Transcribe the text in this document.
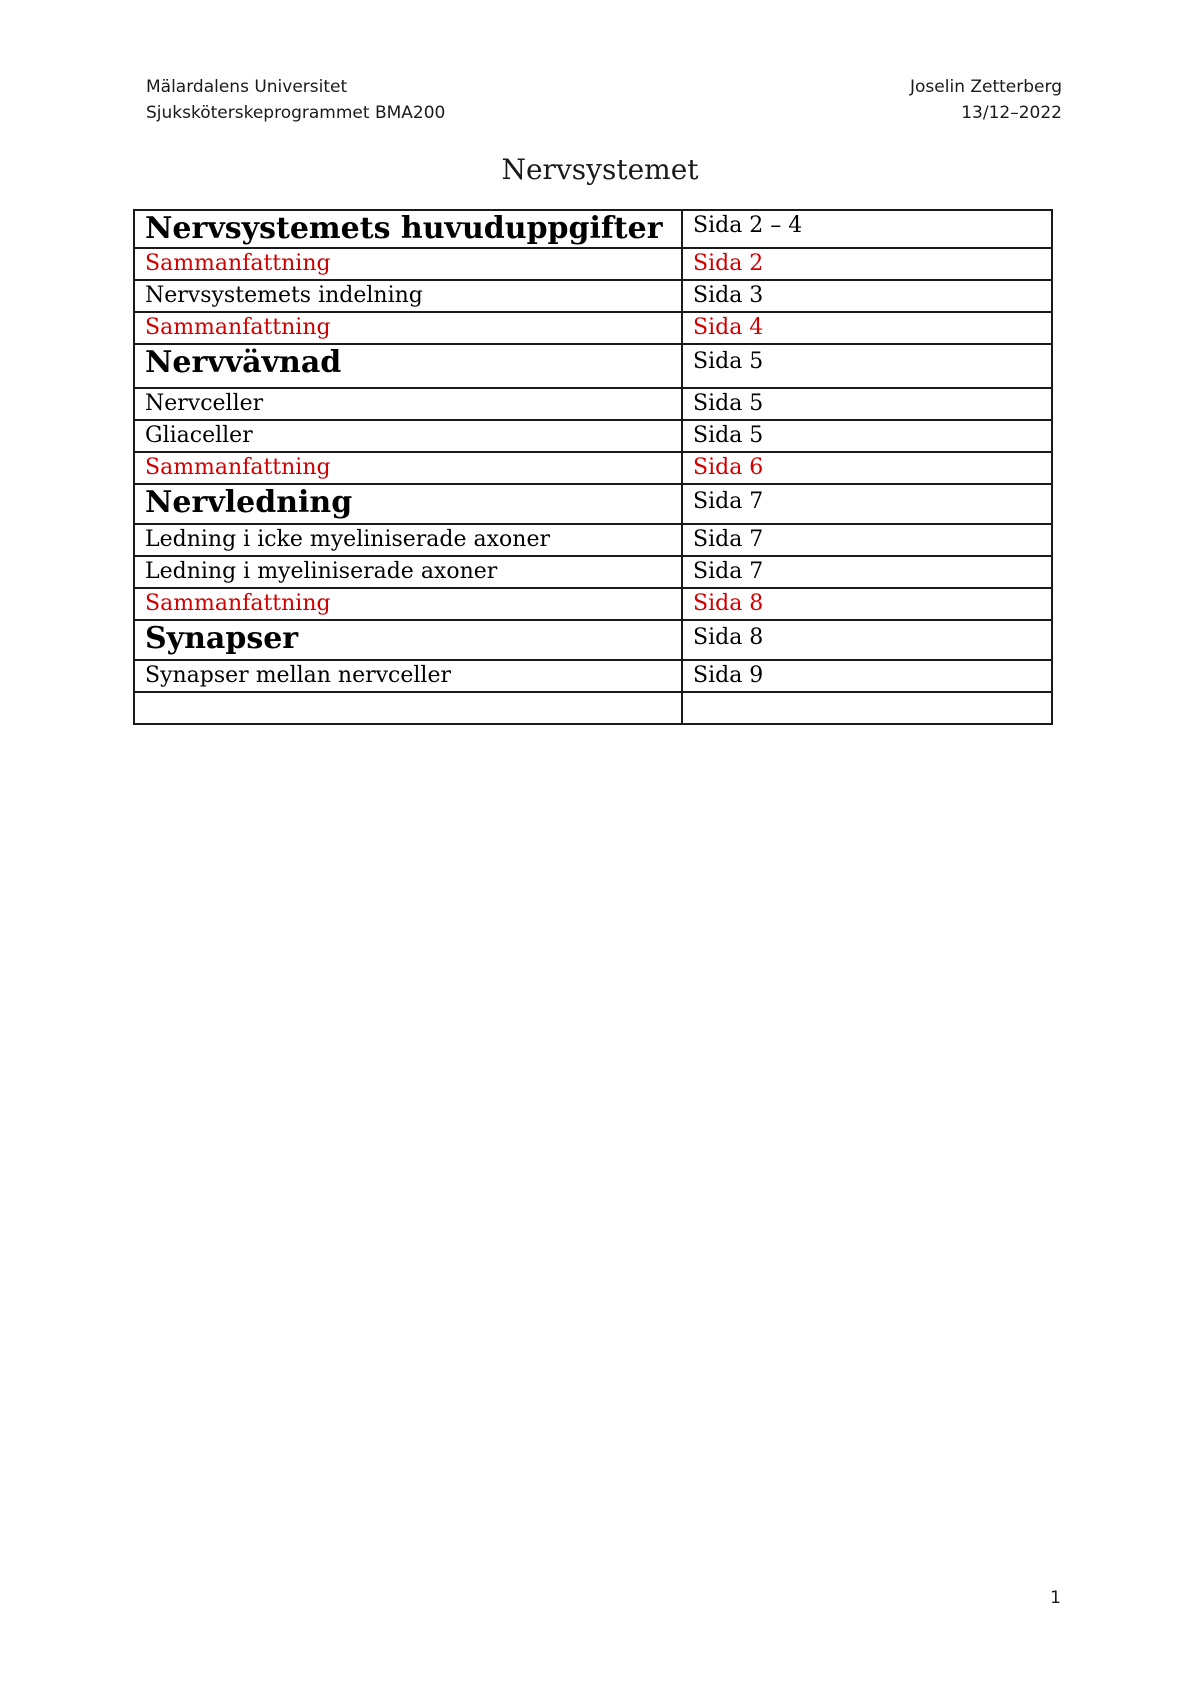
Mälardalens Universitet
Sjuksköterskeprogrammet BMA200
Joselin Zetterberg
13/12–2022
Nervsystemet
Nervsystemets huvuduppgifter	Sida 2 – 4
Sammanfattning	Sida 2
Nervsystemets indelning	Sida 3
Sammanfattning	Sida 4
Nervvävnad	Sida 5
Nervceller	Sida 5
Gliaceller	Sida 5
Sammanfattning	Sida 6
Nervledning	Sida 7
Ledning i icke myeliniserade axoner	Sida 7
Ledning i myeliniserade axoner	Sida 7
Sammanfattning	Sida 8
Synapser	Sida 8
Synapser mellan nervceller	Sida 9

1
